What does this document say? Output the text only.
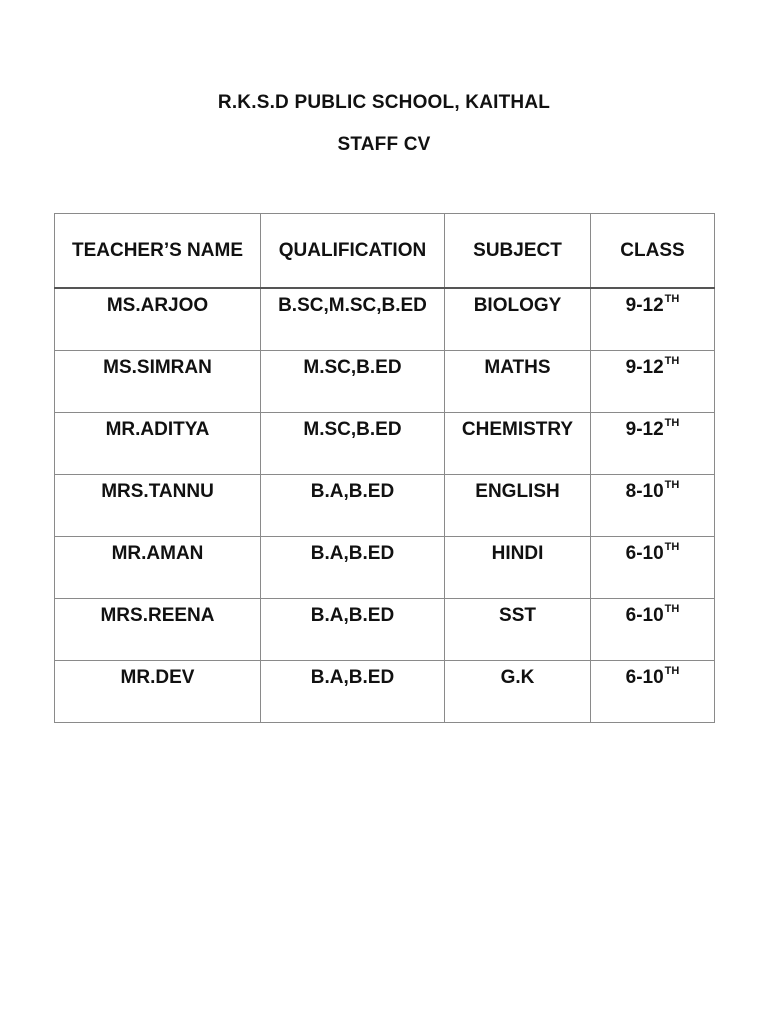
R.K.S.D PUBLIC SCHOOL, KAITHAL
STAFF CV
TEACHER’S NAME	QUALIFICATION	SUBJECT	CLASS
MS.ARJOO	B.SC,M.SC,B.ED	BIOLOGY	9-12TH
MS.SIMRAN	M.SC,B.ED	MATHS	9-12TH
MR.ADITYA	M.SC,B.ED	CHEMISTRY	9-12TH
MRS.TANNU	B.A,B.ED	ENGLISH	8-10TH
MR.AMAN	B.A,B.ED	HINDI	6-10TH
MRS.REENA	B.A,B.ED	SST	6-10TH
MR.DEV	B.A,B.ED	G.K	6-10TH
